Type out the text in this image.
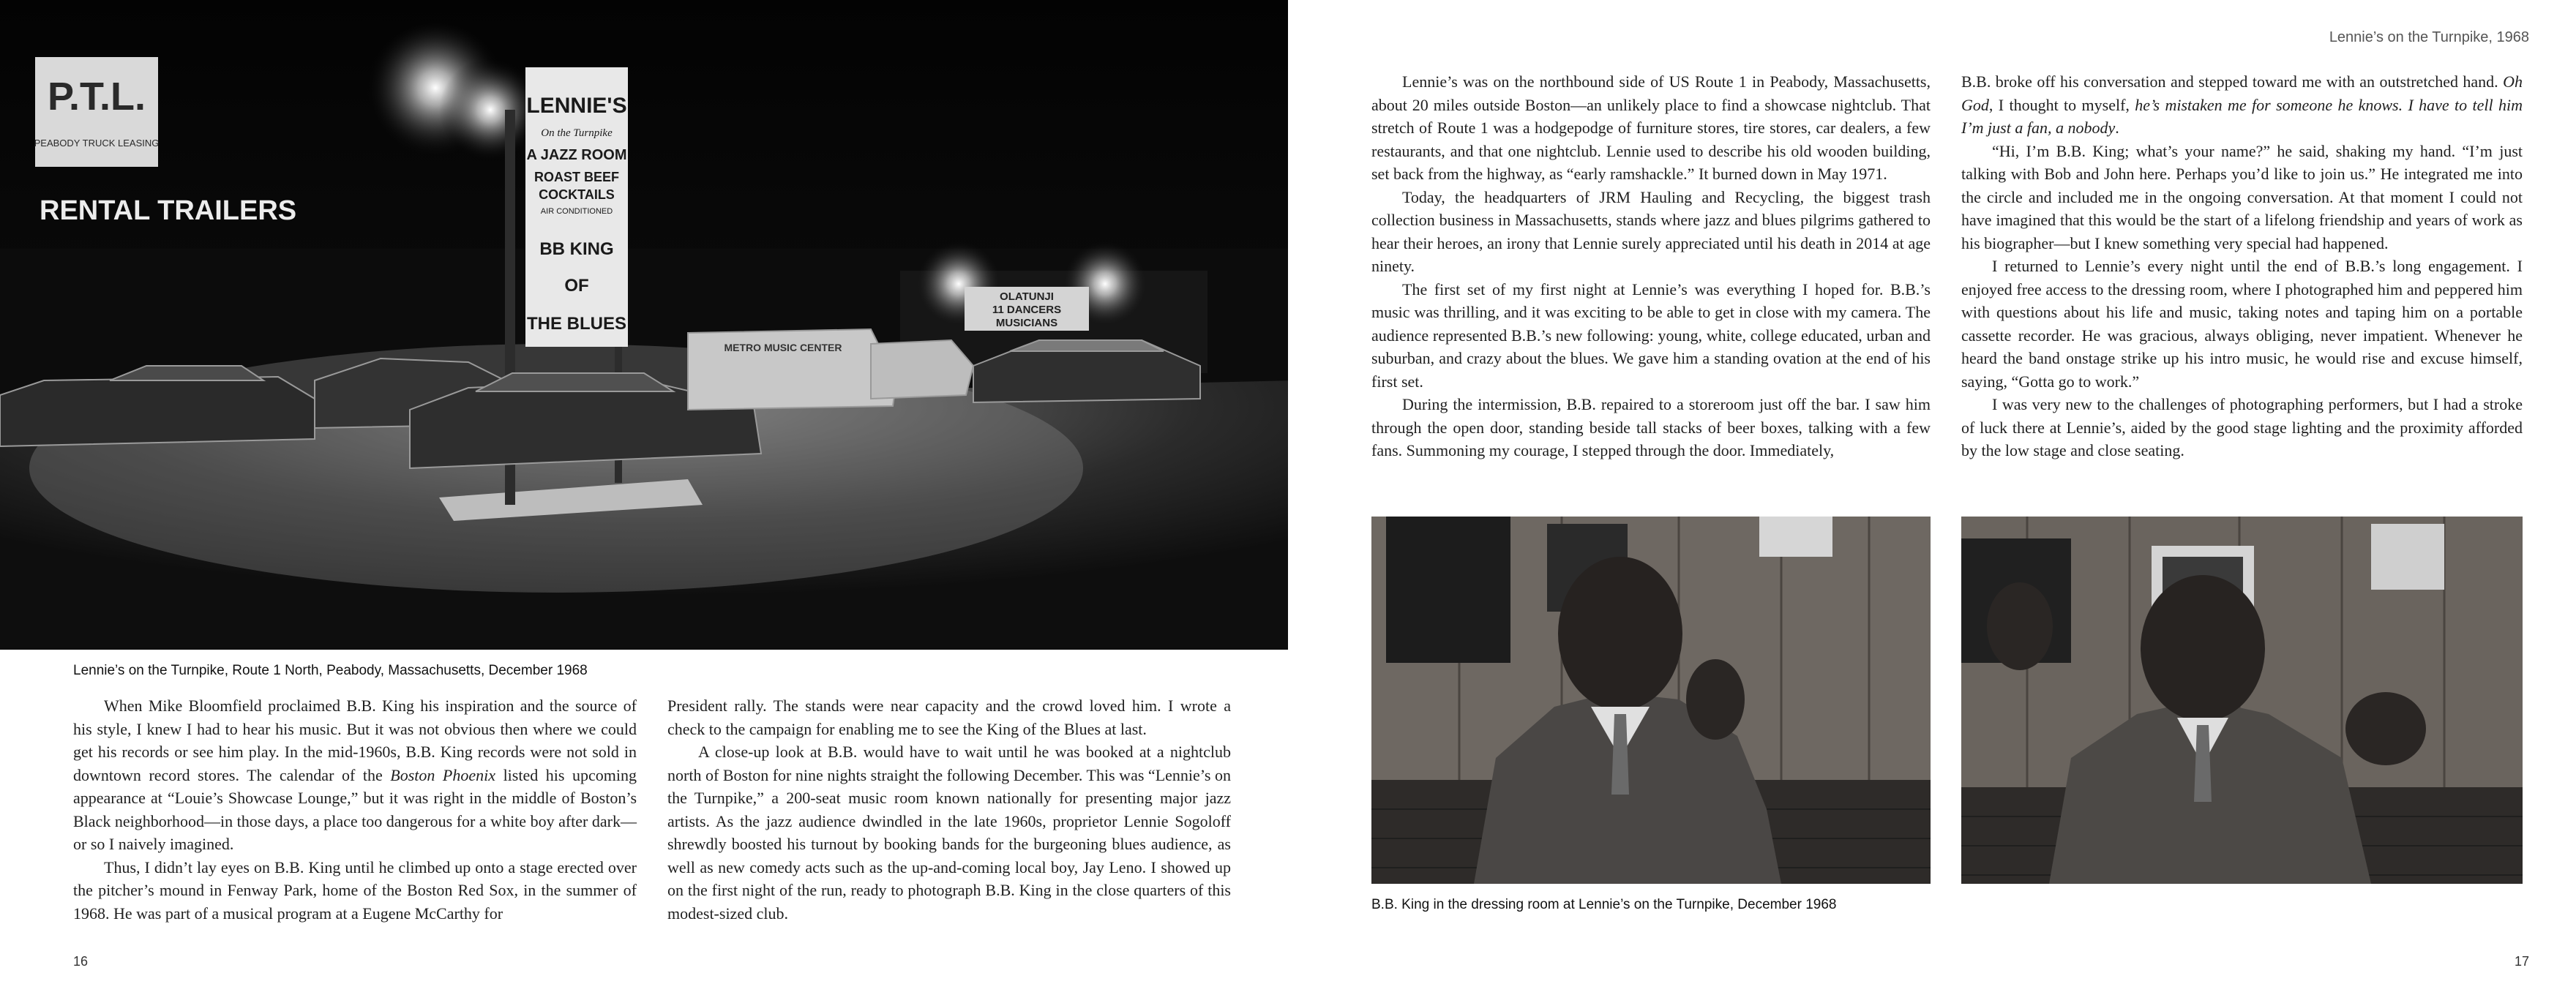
P.T.L.
PEABODY TRUCK LEASING
RENTAL TRAILERS
LENNIE'S
On the Turnpike
A JAZZ ROOM
ROAST BEEF
COCKTAILS
AIR CONDITIONED
BB KING
OF
THE BLUES
OLATUNJI
11 DANCERS
MUSICIANS
METRO MUSIC CENTER
Lennie’s on the Turnpike, Route 1 North, Peabody, Massachusetts, December 1968

When Mike Bloomfield proclaimed B.B. King his inspiration and the source of his style, I knew I had to hear his music. But it was not obvious then where we could get his records or see him play. In the mid-1960s, B.B. King records were not sold in downtown record stores. The calendar of the Boston Phoenix listed his upcoming appearance at “Louie’s Showcase Lounge,” but it was right in the middle of Boston’s Black neighborhood—in those days, a place too dangerous for a white boy after dark—or so I naively imagined.

Thus, I didn’t lay eyes on B.B. King until he climbed up onto a stage erected over the pitcher’s mound in Fenway Park, home of the Boston Red Sox, in the summer of 1968. He was part of a musical program at a Eugene McCarthy for

President rally. The stands were near capacity and the crowd loved him. I wrote a check to the campaign for enabling me to see the King of the Blues at last.

A close-up look at B.B. would have to wait until he was booked at a nightclub north of Boston for nine nights straight the following December. This was “Lennie’s on the Turnpike,” a 200-seat music room known nationally for presenting major jazz artists. As the jazz audience dwindled in the late 1960s, proprietor Lennie Sogoloff shrewdly boosted his turnout by booking bands for the burgeoning blues audience, as well as new comedy acts such as the up-and-coming local boy, Jay Leno. I showed up on the first night of the run, ready to photograph B.B. King in the close quarters of this modest-sized club.

16
Lennie’s on the Turnpike, 1968

Lennie’s was on the northbound side of US Route 1 in Peabody, Massachusetts, about 20 miles outside Boston—an unlikely place to find a showcase nightclub. That stretch of Route 1 was a hodgepodge of furniture stores, tire stores, car dealers, a few restaurants, and that one nightclub. Lennie used to describe his old wooden building, set back from the highway, as “early ramshackle.” It burned down in May 1971.

Today, the headquarters of JRM Hauling and Recycling, the biggest trash collection business in Massachusetts, stands where jazz and blues pilgrims gathered to hear their heroes, an irony that Lennie surely appreciated until his death in 2014 at age ninety.

The first set of my first night at Lennie’s was everything I hoped for. B.B.’s music was thrilling, and it was exciting to be able to get in close with my camera. The audience represented B.B.’s new following: young, white, college educated, urban and suburban, and crazy about the blues. We gave him a standing ovation at the end of his first set.

During the intermission, B.B. repaired to a storeroom just off the bar. I saw him through the open door, standing beside tall stacks of beer boxes, talking with a few fans. Summoning my courage, I stepped through the door. Immediately,

B.B. broke off his conversation and stepped toward me with an outstretched hand. Oh God, I thought to myself, he’s mistaken me for someone he knows. I have to tell him I’m just a fan, a nobody.

“Hi, I’m B.B. King; what’s your name?” he said, shaking my hand. “I’m just talking with Bob and John here. Perhaps you’d like to join us.” He integrated me into the circle and included me in the ongoing conversation. At that moment I could not have imagined that this would be the start of a lifelong friendship and years of work as his biographer—but I knew something very special had happened.

I returned to Lennie’s every night until the end of B.B.’s long engagement. I enjoyed free access to the dressing room, where I photographed him and peppered him with questions about his life and music, taking notes and taping him on a portable cassette recorder. He was gracious, always obliging, never impatient. Whenever he heard the band onstage strike up his intro music, he would rise and excuse himself, saying, “Gotta go to work.”

I was very new to the challenges of photographing performers, but I had a stroke of luck there at Lennie’s, aided by the good stage lighting and the proximity afforded by the low stage and close seating.

B.B. King in the dressing room at Lennie’s on the Turnpike, December 1968
17
